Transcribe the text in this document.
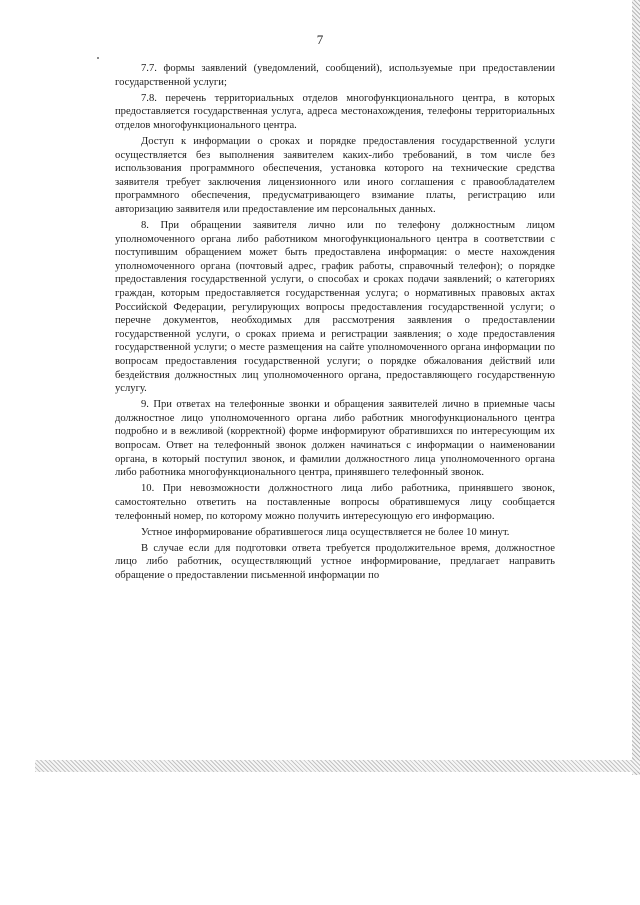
7

7.7. формы заявлений (уведомлений, сообщений), используемые при предоставлении государственной услуги;

7.8. перечень территориальных отделов многофункционального центра, в которых предоставляется государственная услуга, адреса местонахождения, телефоны территориальных отделов многофункционального центра.

Доступ к информации о сроках и порядке предоставления государственной услуги осуществляется без выполнения заявителем каких-либо требований, в том числе без использования программного обеспечения, установка которого на технические средства заявителя требует заключения лицензионного или иного соглашения с правообладателем программного обеспечения, предусматривающего взимание платы, регистрацию или авторизацию заявителя или предоставление им персональных данных.

8. При обращении заявителя лично или по телефону должностным лицом уполномоченного органа либо работником многофункционального центра в соответствии с поступившим обращением может быть предоставлена информация: о месте нахождения уполномоченного органа (почтовый адрес, график работы, справочный телефон); о порядке предоставления государственной услуги, о способах и сроках подачи заявлений; о категориях граждан, которым предоставляется государственная услуга; о нормативных правовых актах Российской Федерации, регулирующих вопросы предоставления государственной услуги; о перечне документов, необходимых для рассмотрения заявления о предоставлении государственной услуги, о сроках приема и регистрации заявления; о ходе предоставления государственной услуги; о месте размещения на сайте уполномоченного органа информации по вопросам предоставления государственной услуги; о порядке обжалования действий или бездействия должностных лиц уполномоченного органа, предоставляющего государственную услугу.

9. При ответах на телефонные звонки и обращения заявителей лично в приемные часы должностное лицо уполномоченного органа либо работник многофункционального центра подробно и в вежливой (корректной) форме информируют обратившихся по интересующим их вопросам. Ответ на телефонный звонок должен начинаться с информации о наименовании органа, в который поступил звонок, и фамилии должностного лица уполномоченного органа либо работника многофункционального центра, принявшего телефонный звонок.

10. При невозможности должностного лица либо работника, принявшего звонок, самостоятельно ответить на поставленные вопросы обратившемуся лицу сообщается телефонный номер, по которому можно получить интересующую его информацию.

Устное информирование обратившегося лица осуществляется не более 10 минут.

В случае если для подготовки ответа требуется продолжительное время, должностное лицо либо работник, осуществляющий устное информирование, предлагает направить обращение о предоставлении письменной информации по
